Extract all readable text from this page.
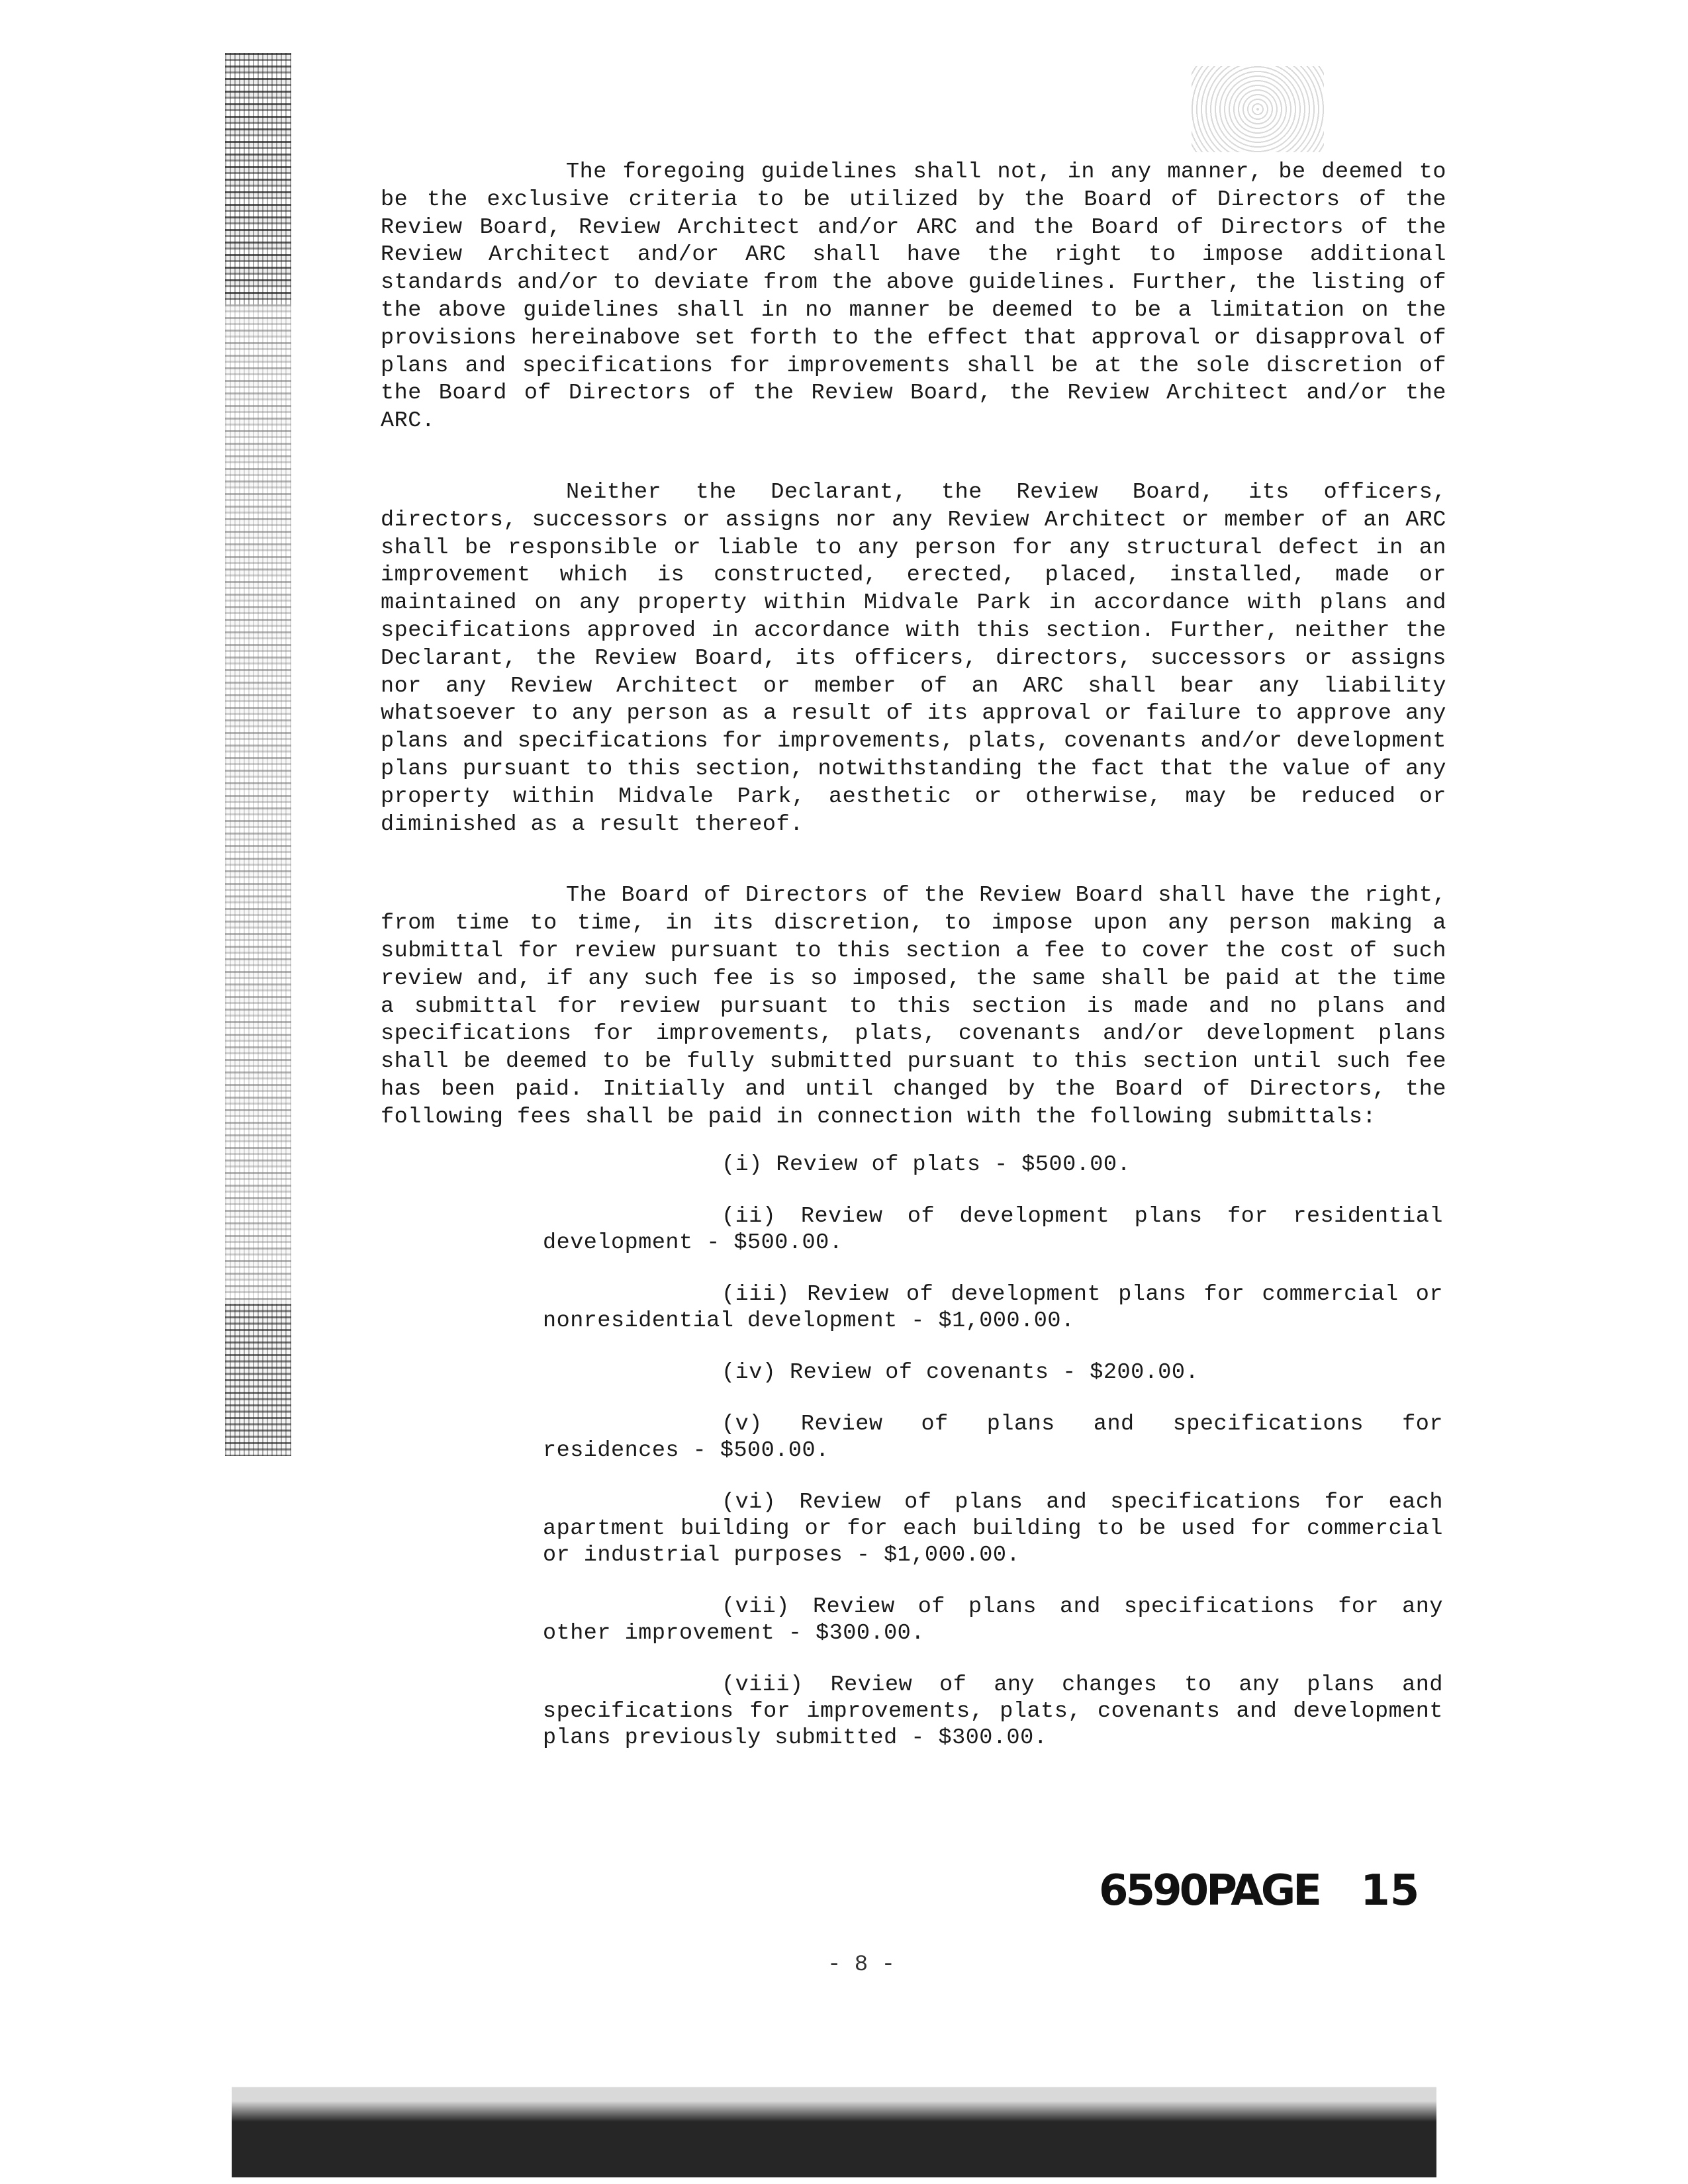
The foregoing guidelines shall not, in any manner, be deemed to be the exclusive criteria to be utilized by the Board of Directors of the Review Board, Review Architect and/or ARC and the Board of Directors of the Review Architect and/or ARC shall have the right to impose additional standards and/or to deviate from the above guidelines. Further, the listing of the above guidelines shall in no manner be deemed to be a limitation on the provisions hereinabove set forth to the effect that approval or disapproval of plans and specifications for improvements shall be at the sole discretion of the Board of Directors of the Review Board, the Review Architect and/or the ARC.

Neither the Declarant, the Review Board, its officers, directors, successors or assigns nor any Review Architect or member of an ARC shall be responsible or liable to any person for any structural defect in an improvement which is constructed, erected, placed, installed, made or maintained on any property within Midvale Park in accordance with plans and specifications approved in accordance with this section. Further, neither the Declarant, the Review Board, its officers, directors, successors or assigns nor any Review Architect or member of an ARC shall bear any liability whatsoever to any person as a result of its approval or failure to approve any plans and specifications for improvements, plats, covenants and/or development plans pursuant to this section, notwithstanding the fact that the value of any property within Midvale Park, aesthetic or otherwise, may be reduced or diminished as a result thereof.

The Board of Directors of the Review Board shall have the right, from time to time, in its discretion, to impose upon any person making a submittal for review pursuant to this section a fee to cover the cost of such review and, if any such fee is so imposed, the same shall be paid at the time a submittal for review pursuant to this section is made and no plans and specifications for improvements, plats, covenants and/or development plans shall be deemed to be fully submitted pursuant to this section until such fee has been paid. Initially and until changed by the Board of Directors, the following fees shall be paid in connection with the following submittals:

(i) Review of plats - $500.00.
(ii) Review of development plans for residential development - $500.00.
(iii) Review of development plans for commercial or nonresidential development - $1,000.00.
(iv) Review of covenants - $200.00.
(v) Review of plans and specifications for residences - $500.00.
(vi) Review of plans and specifications for each apartment building or for each building to be used for commercial or industrial purposes - $1,000.00.
(vii) Review of plans and specifications for any other improvement - $300.00.
(viii) Review of any changes to any plans and specifications for improvements, plats, covenants and development plans previously submitted - $300.00.
6590PAGE 15
- 8 -
